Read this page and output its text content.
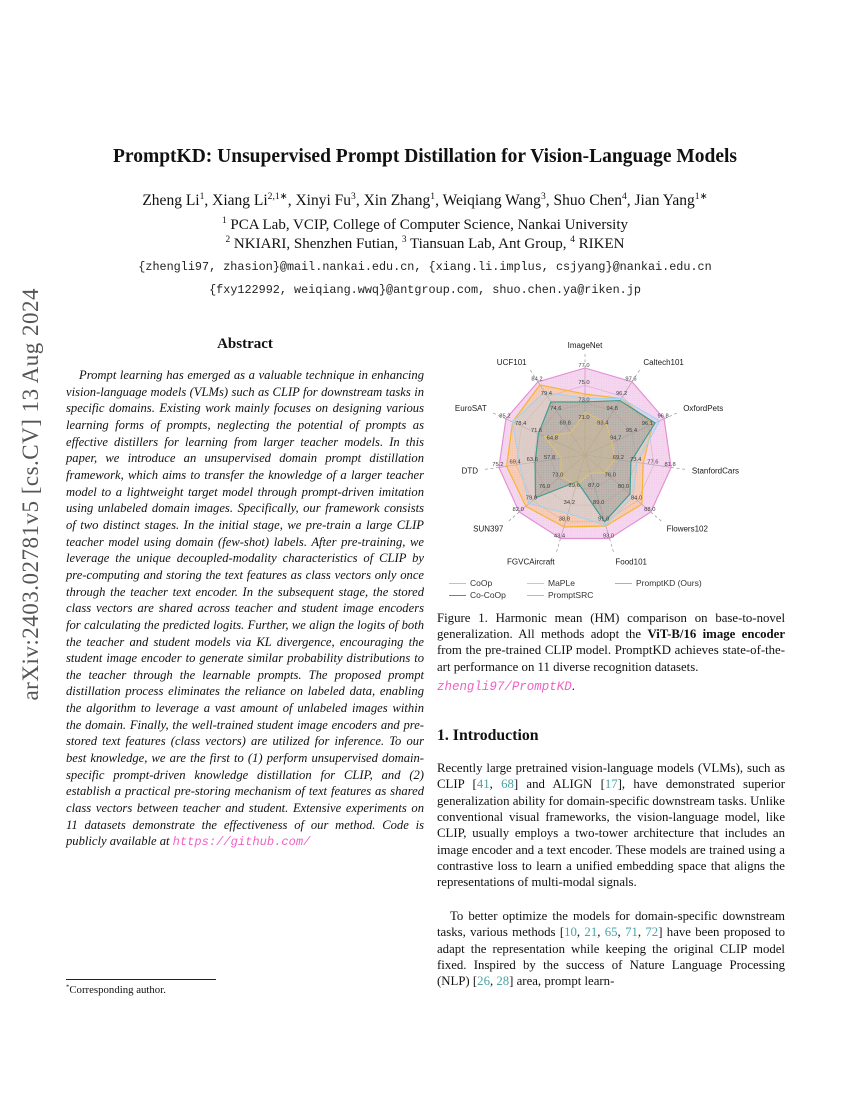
arXiv:2403.02781v5 [cs.CV] 13 Aug 2024
PromptKD: Unsupervised Prompt Distillation for Vision-Language Models
Zheng Li$^1$, Xiang $Li^{2,1∗}$, Xinyi Fu$^3$, Xin Zhang$^1$, Weiqiang Wang$^3$, Shuo Chen$^4$, Jian Yang$^{1∗}$
$^1$ PCA Lab, VCIP, College of Computer Science, Nankai University
$^2$ NKIARI, Shenzhen Futian, $^3$ Tiansuan Lab, Ant Group, $^4$ RIKEN
{zhengli97, zhasion}@mail.nankai.edu.cn, {xiang.li.implus, csjyang}@nankai.edu.cn
{fxy122992, weiqiang.wwq}@antgroup.com, shuo.chen.ya@riken.jp
Abstract
Prompt learning has emerged as a valuable technique in enhancing vision-language models (VLMs) such as CLIP for downstream tasks in specific domains. Existing work mainly focuses on designing various learning forms of prompts, neglecting the potential of prompts as effective distillers for learning from larger teacher models. In this paper, we introduce an unsupervised domain prompt distillation framework, which aims to transfer the knowledge of a larger teacher model to a lightweight target model through prompt-driven imitation using unlabeled domain images. Specifically, our framework consists of two distinct stages. In the initial stage, we pre-train a large CLIP teacher model using domain (few-shot) labels. After pre-training, we leverage the unique decoupled-modality characteristics of CLIP by pre-computing and storing the text features as class vectors only once through the teacher text encoder. In the subsequent stage, the stored class vectors are shared across teacher and student image encoders for calculating the predicted logits. Further, we align the logits of both the teacher and student models via KL divergence, encouraging the student image encoder to generate similar probability distributions to the teacher through the learnable prompts. The proposed prompt distillation process eliminates the reliance on labeled data, enabling the algorithm to leverage a vast amount of unlabeled images within the domain. Finally, the well-trained student image encoders and pre-stored text features (class vectors) are utilized for inference. To our best knowledge, we are the first to (1) perform unsupervised domain-specific prompt-driven knowledge distillation for CLIP, and (2) establish a practical pre-storing mechanism of text features as shared class vectors between teacher and student. Extensive experiments on 11 datasets demonstrate the effectiveness of our method. Code is publicly available at https://github.com/
ImageNet
Caltech101
OxfordPets
StanfordCars
Flowers102
Food101
FGVCAircraft
SUN397
DTD
EuroSAT
UCF101
71.0
73.0
75.0
77.0
93.4
94.8
96.2
97.6
94.7
95.4
96.1
96.8
69.2 73.4 77.6 81.8
76.0
80.0
84.0
88.0
87.0
89.0
91.0
93.0
29.6
34.2
38.8
43.4
73.0
76.0
79.0
82.0
57.8
63.6
69.4
75.2
64.8
71.6
78.4
85.2
69.8
74.6
79.4
84.2
CoOp	MaPLe	PromptKD (Ours)
Co-CoOp	PromptSRC
Figure 1. Harmonic mean (HM) comparison on base-to-novel generalization. All methods adopt the ViT-B/16 image encoder from the pre-trained CLIP model. PromptKD achieves state-of-the-art performance on 11 diverse recognition datasets.
zhengli97/PromptKD.
1. Introduction
Recently large pretrained vision-language models (VLMs), such as CLIP [41, 68] and ALIGN [17], have demonstrated superior generalization ability for domain-specific downstream tasks. Unlike conventional visual frameworks, the vision-language model, like CLIP, usually employs a two-tower architecture that includes an image encoder and a text encoder. These models are trained using a contrastive loss to learn a unified embedding space that aligns the representations of multi-modal signals.
To better optimize the models for domain-specific downstream tasks, various methods [10, 21, 65, 71, 72] have been proposed to adapt the representation while keeping the original CLIP model fixed. Inspired by the success of Nature Language Processing (NLP) [26, 28] area, prompt learn-
*Corresponding author.
